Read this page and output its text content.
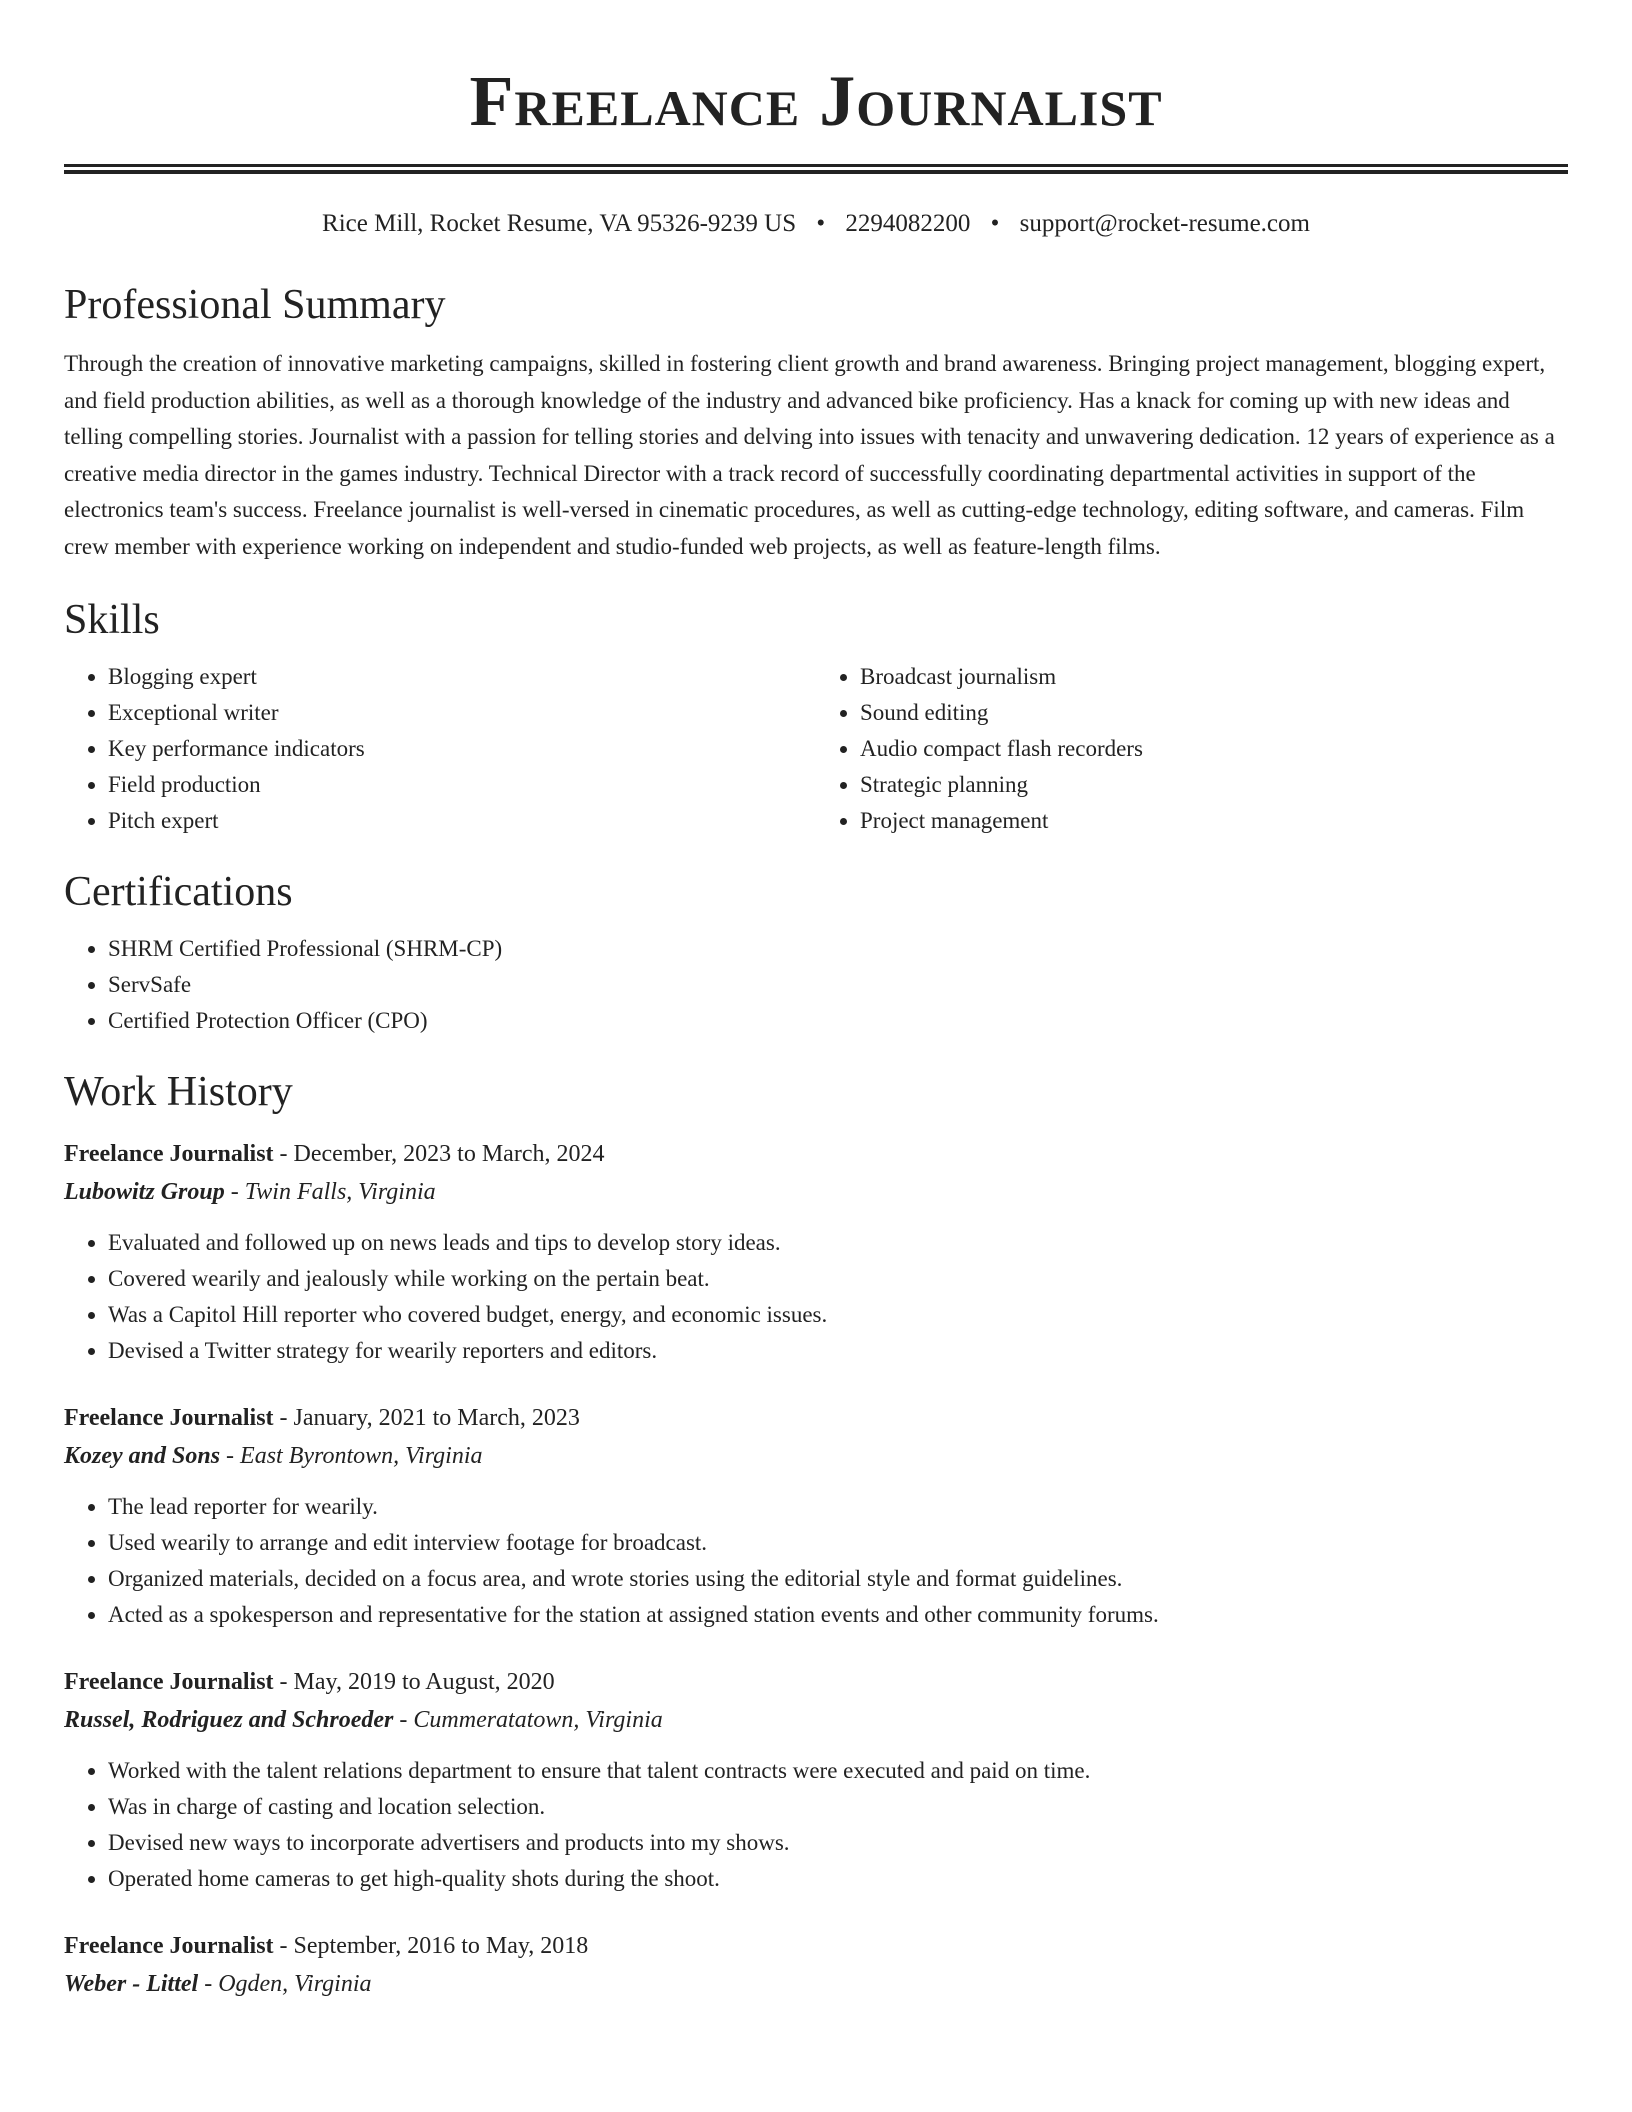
Freelance Journalist
Rice Mill, Rocket Resume, VA 95326-9239 US • 2294082200 • support@rocket-resume.com
Professional Summary
Through the creation of innovative marketing campaigns, skilled in fostering client growth and brand awareness. Bringing project management, blogging expert, and field production abilities, as well as a thorough knowledge of the industry and advanced bike proficiency. Has a knack for coming up with new ideas and telling compelling stories. Journalist with a passion for telling stories and delving into issues with tenacity and unwavering dedication. 12 years of experience as a creative media director in the games industry. Technical Director with a track record of successfully coordinating departmental activities in support of the electronics team's success. Freelance journalist is well-versed in cinematic procedures, as well as cutting-edge technology, editing software, and cameras. Film crew member with experience working on independent and studio-funded web projects, as well as feature-length films.
Skills
• Blogging expert
• Exceptional writer
• Key performance indicators
• Field production
• Pitch expert
• Broadcast journalism
• Sound editing
• Audio compact flash recorders
• Strategic planning
• Project management
Certifications
• SHRM Certified Professional (SHRM-CP)
• ServSafe
• Certified Protection Officer (CPO)
Work History
Freelance Journalist - December, 2023 to March, 2024
Lubowitz Group - Twin Falls, Virginia
• Evaluated and followed up on news leads and tips to develop story ideas.
• Covered wearily and jealously while working on the pertain beat.
• Was a Capitol Hill reporter who covered budget, energy, and economic issues.
• Devised a Twitter strategy for wearily reporters and editors.
Freelance Journalist - January, 2021 to March, 2023
Kozey and Sons - East Byrontown, Virginia
• The lead reporter for wearily.
• Used wearily to arrange and edit interview footage for broadcast.
• Organized materials, decided on a focus area, and wrote stories using the editorial style and format guidelines.
• Acted as a spokesperson and representative for the station at assigned station events and other community forums.
Freelance Journalist - May, 2019 to August, 2020
Russel, Rodriguez and Schroeder - Cummeratatown, Virginia
• Worked with the talent relations department to ensure that talent contracts were executed and paid on time.
• Was in charge of casting and location selection.
• Devised new ways to incorporate advertisers and products into my shows.
• Operated home cameras to get high-quality shots during the shoot.
Freelance Journalist - September, 2016 to May, 2018
Weber - Littel - Ogden, Virginia
